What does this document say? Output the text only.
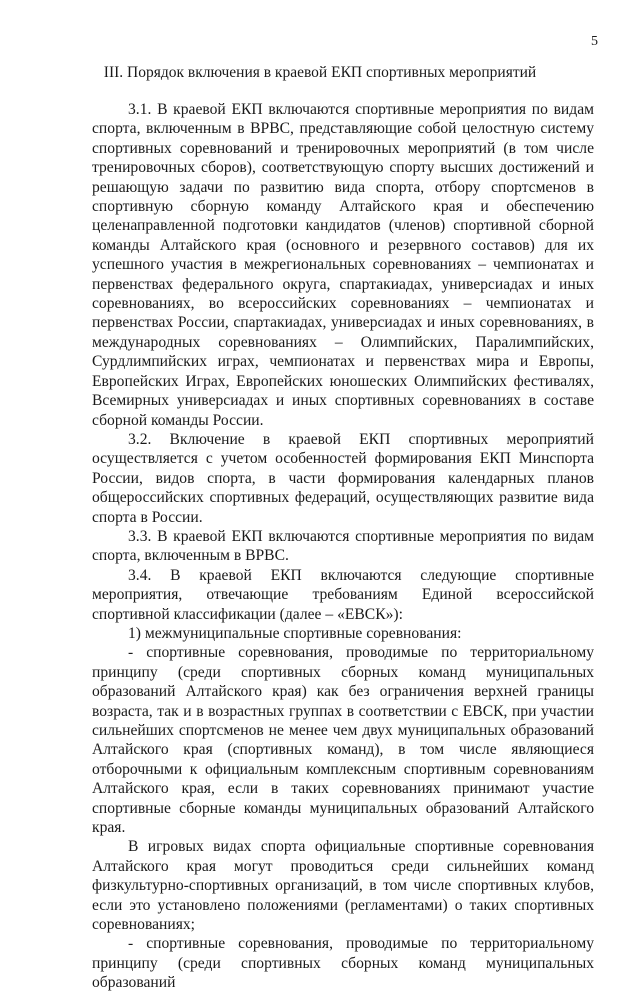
5
III. Порядок включения в краевой ЕКП спортивных мероприятий

3.1. В краевой ЕКП включаются спортивные мероприятия по видам спорта, включенным в ВРВС, представляющие собой целостную систему спортивных соревнований и тренировочных мероприятий (в том числе тренировочных сборов), соответствующую спорту высших достижений и решающую задачи по развитию вида спорта, отбору спортсменов в спортивную сборную команду Алтайского края и обеспечению целенаправленной подготовки кандидатов (членов) спортивной сборной команды Алтайского края (основного и резервного составов) для их успешного участия в межрегиональных соревнованиях – чемпионатах и первенствах федерального округа, спартакиадах, универсиадах и иных соревнованиях, во всероссийских соревнованиях – чемпионатах и первенствах России, спартакиадах, универсиадах и иных соревнованиях, в международных соревнованиях – Олимпийских, Паралимпийских, Сурдлимпийских играх, чемпионатах и первенствах мира и Европы, Европейских Играх, Европейских юношеских Олимпийских фестивалях, Всемирных универсиадах и иных спортивных соревнованиях в составе сборной команды России.

3.2. Включение в краевой ЕКП спортивных мероприятий осуществляется с учетом особенностей формирования ЕКП Минспорта России, видов спорта, в части формирования календарных планов общероссийских спортивных федераций, осуществляющих развитие вида спорта в России.

3.3. В краевой ЕКП включаются спортивные мероприятия по видам спорта, включенным в ВРВС.

3.4. В краевой ЕКП включаются следующие спортивные мероприятия, отвечающие требованиям Единой всероссийской спортивной классификации (далее – «ЕВСК»):

1) межмуниципальные спортивные соревнования:

- спортивные соревнования, проводимые по территориальному принципу (среди спортивных сборных команд муниципальных образований Алтайского края) как без ограничения верхней границы возраста, так и в возрастных группах в соответствии с ЕВСК, при участии сильнейших спортсменов не менее чем двух муниципальных образований Алтайского края (спортивных команд), в том числе являющиеся отборочными к официальным комплексным спортивным соревнованиям Алтайского края, если в таких соревнованиях принимают участие спортивные сборные команды муниципальных образований Алтайского края.

В игровых видах спорта официальные спортивные соревнования Алтайского края могут проводиться среди сильнейших команд физкультурно-спортивных организаций, в том числе спортивных клубов, если это установлено положениями (регламентами) о таких спортивных соревнованиях;

- спортивные соревнования, проводимые по территориальному принципу (среди спортивных сборных команд муниципальных образований
